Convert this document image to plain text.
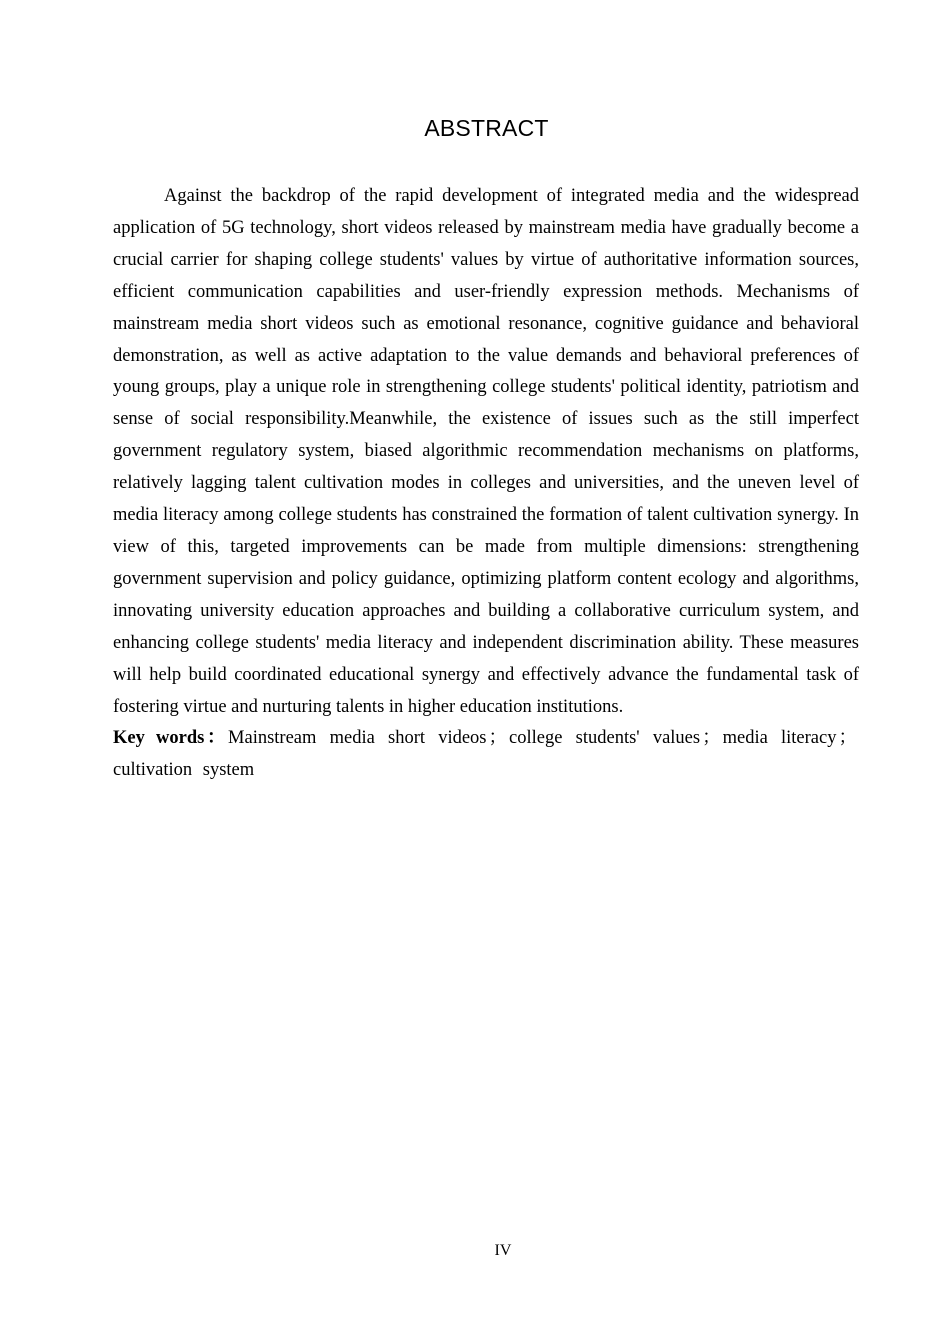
ABSTRACT

Against the backdrop of the rapid development of integrated media and the widespread application of 5G technology, short videos released by mainstream media have gradually become a crucial carrier for shaping college students' values by virtue of authoritative information sources, efficient communication capabilities and user-friendly expression methods. Mechanisms of mainstream media short videos such as emotional resonance, cognitive guidance and behavioral demonstration, as well as active adaptation to the value demands and behavioral preferences of young groups, play a unique role in strengthening college students' political identity, patriotism and sense of social responsibility.Meanwhile, the existence of issues such as the still imperfect government regulatory system, biased algorithmic recommendation mechanisms on platforms, relatively lagging talent cultivation modes in colleges and universities, and the uneven level of media literacy among college students has constrained the formation of talent cultivation synergy. In view of this, targeted improvements can be made from multiple dimensions: strengthening government supervision and policy guidance, optimizing platform content ecology and algorithms, innovating university education approaches and building a collaborative curriculum system, and enhancing college students' media literacy and independent discrimination ability. These measures will help build coordinated educational synergy and effectively advance the fundamental task of fostering virtue and nurturing talents in higher education institutions.

Key words：Mainstream media short videos ； college students' values ； media literacy ； cultivation system

IV
